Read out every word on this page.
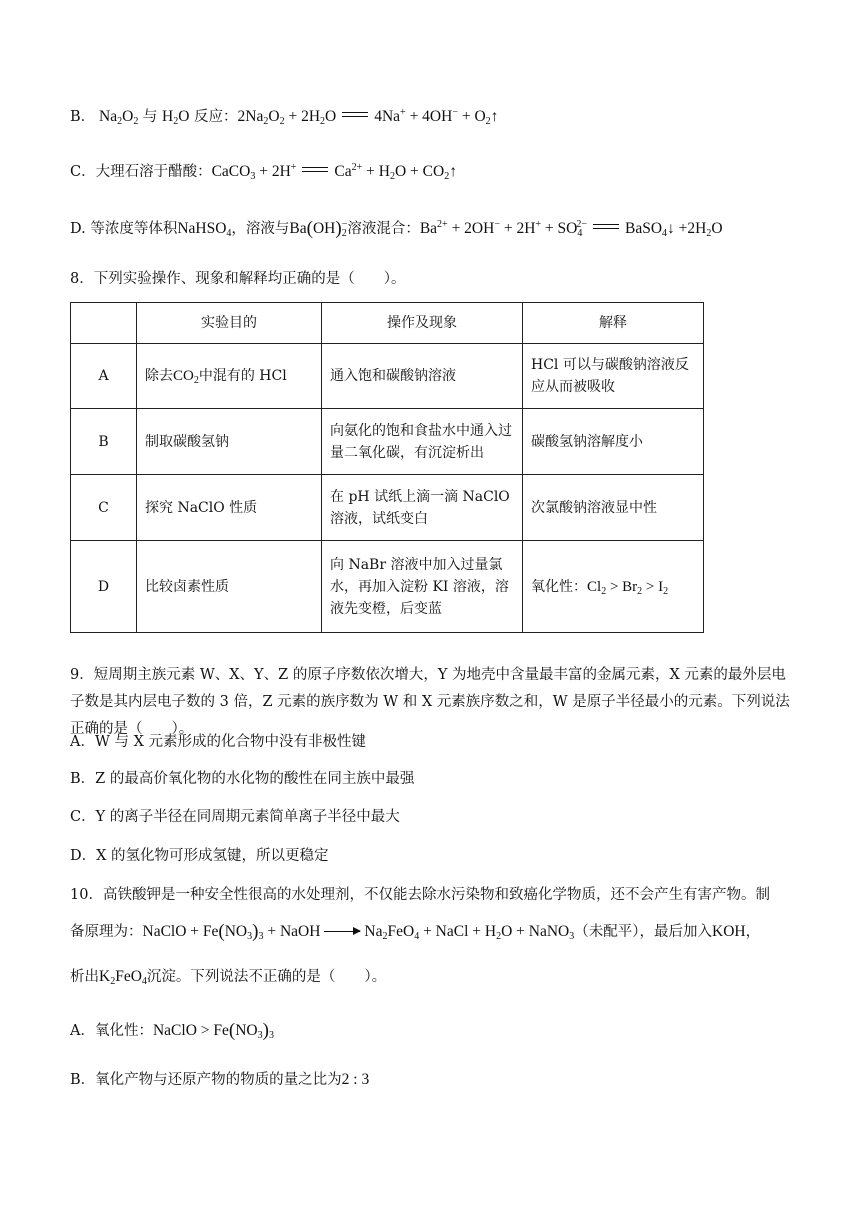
B． $Na_2O_2$ 与 $H_2O$ 反应：$2Na_2O_2 + 2H_2O$ $4Na^+ + 4OH^- + O_2↑$
C．大理石溶于醋酸：CaCO$_3$ + 2H+ $Ca^{2+} + H_2O$ + $CO_2↑$
D. 等浓度等体积NaHSO$_4$，溶液与$Ba(OH)_2^-$溶液混合：$Ba^{2+} + 2OH^- + 2H^+ + SO_4^{2-}$ BaSO$_4$↓ $+2H_2O$
8．下列实验操作、现象和解释均正确的是（　　）。
	实验目的	操作及现象	解释
A	除去$CO_2$中混有的 HCl	通入饱和碳酸钠溶液	HCl 可以与碳酸钠溶液反应从而被吸收
B	制取碳酸氢钠	向氨化的饱和食盐水中通入过量二氧化碳，有沉淀析出	碳酸氢钠溶解度小
C	探究 NaClO 性质	在 pH 试纸上滴一滴 NaClO 溶液，试纸变白	次氯酸钠溶液显中性
D	比较卤素性质	向 NaBr 溶液中加入过量氯水，再加入淀粉 KI 溶液，溶液先变橙，后变蓝	氧化性：$Cl_2 > Br_2 > I_2$
9．短周期主族元素 W、X、Y、Z 的原子序数依次增大，Y 为地壳中含量最丰富的金属元素，X 元素的最外层电子数是其内层电子数的 3 倍，Z 元素的族序数为 W 和 X 元素族序数之和，W 是原子半径最小的元素。下列说法正确的是（　　）。
A．W 与 X 元素形成的化合物中没有非极性键
B．Z 的最高价氧化物的水化物的酸性在同主族中最强
C．Y 的离子半径在同周期元素简单离子半径中最大
D．X 的氢化物可形成氢键，所以更稳定
10．高铁酸钾是一种安全性很高的水处理剂，不仅能去除水污染物和致癌化学物质，还不会产生有害产物。制
备原理为：NaClO + $Fe(NO_3)_3$ + NaOH	$Na_2FeO_4$ + NaCl + $H_2O$ + NaNO$_3$（未配平），最后加入KOH，
析出$K_2FeO_4$沉淀。下列说法不正确的是（　　）。
A．氧化性：NaClO > $Fe(NO_3)_3$
B．氧化产物与还原产物的物质的量之比为2 : 3
